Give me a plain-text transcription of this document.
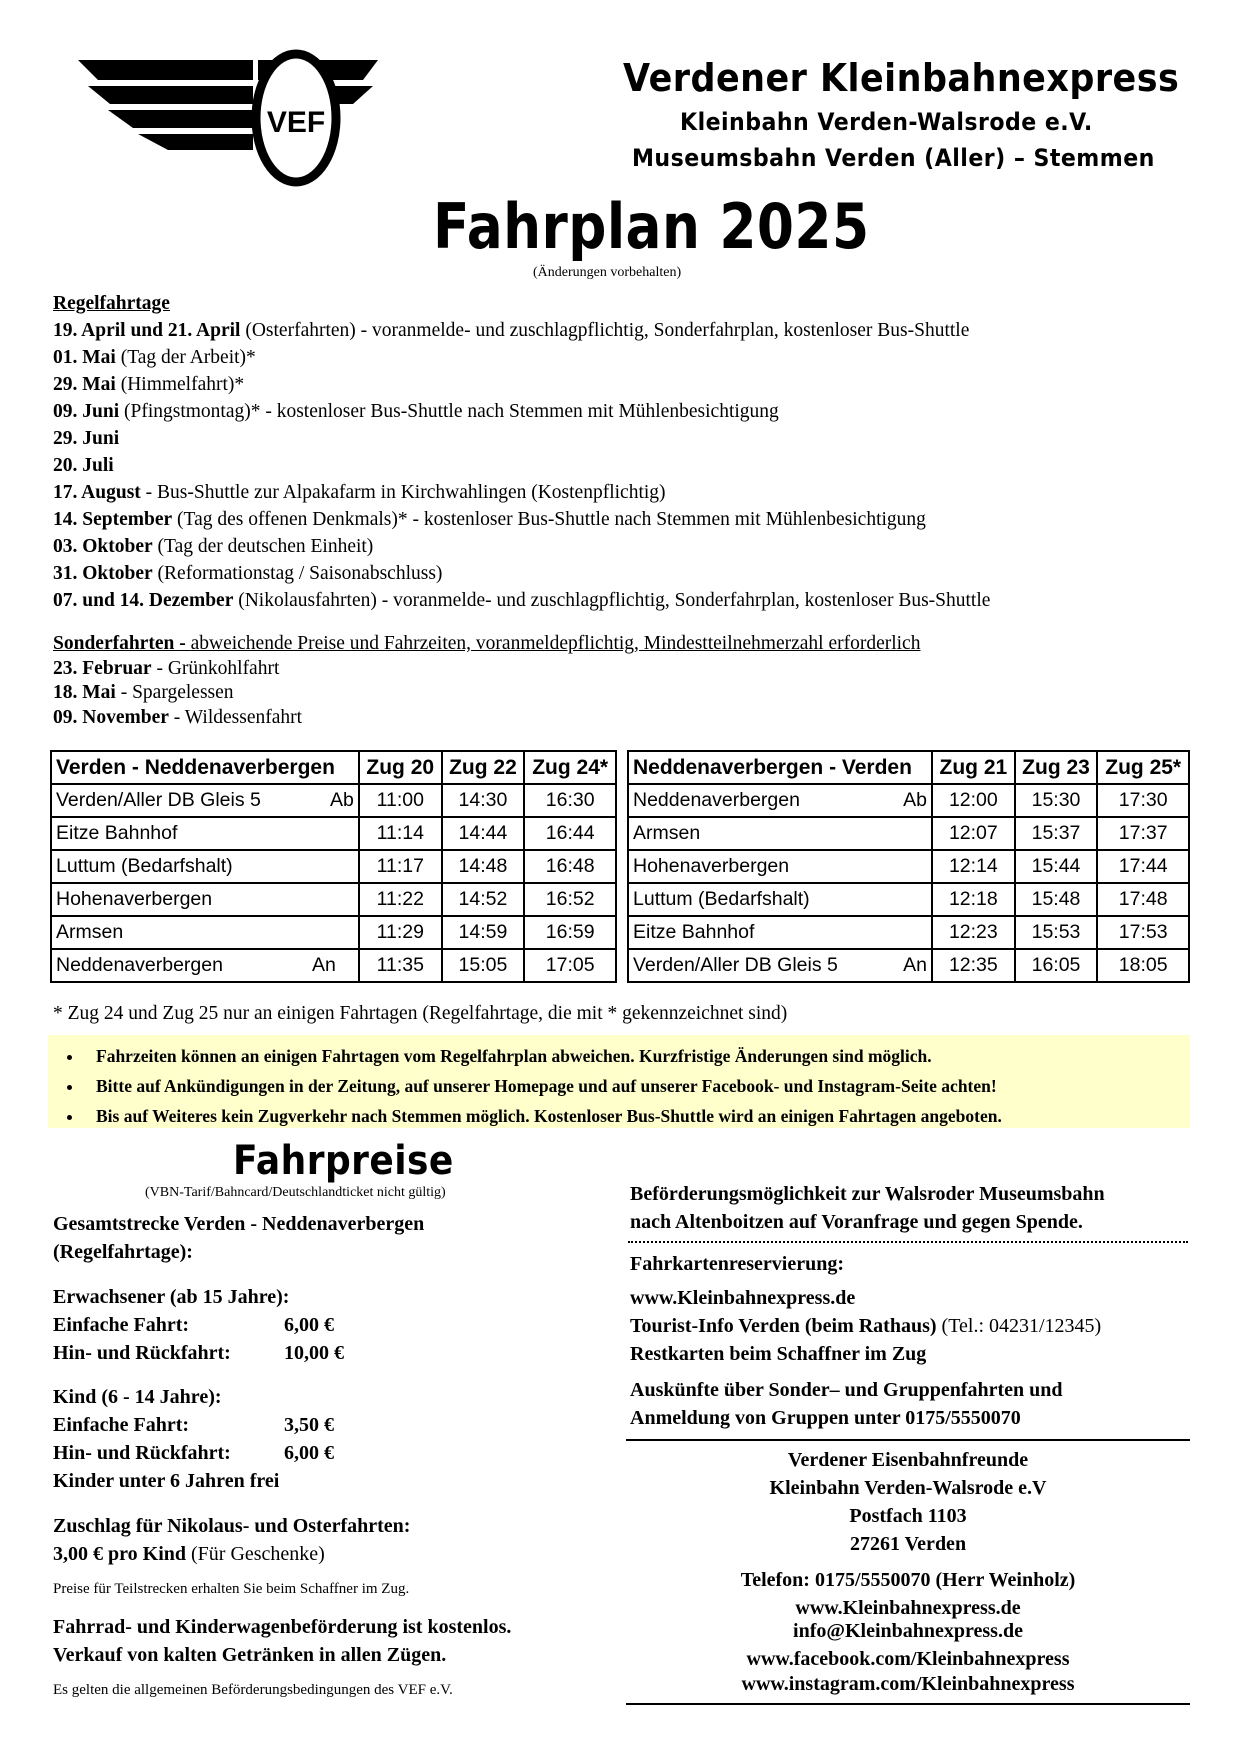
VEF
Verdener Kleinbahnexpress
Kleinbahn Verden-Walsrode e.V.
Museumsbahn Verden (Aller) – Stemmen
Fahrplan 2025
(Änderungen vorbehalten)
Regelfahrtage
19. April und 21. April (Osterfahrten) - voranmelde- und zuschlagpflichtig, Sonderfahrplan, kostenloser Bus-Shuttle
01. Mai (Tag der Arbeit)*
29. Mai (Himmelfahrt)*
09. Juni (Pfingstmontag)* - kostenloser Bus-Shuttle nach Stemmen mit Mühlenbesichtigung
29. Juni
20. Juli
17. August - Bus-Shuttle zur Alpakafarm in Kirchwahlingen (Kostenpflichtig)
14. September (Tag des offenen Denkmals)* - kostenloser Bus-Shuttle nach Stemmen mit Mühlenbesichtigung
03. Oktober (Tag der deutschen Einheit)
31. Oktober (Reformationstag / Saisonabschluss)
07. und 14. Dezember (Nikolausfahrten) - voranmelde- und zuschlagpflichtig, Sonderfahrplan, kostenloser Bus-Shuttle
Sonderfahrten - abweichende Preise und Fahrzeiten, voranmeldepflichtig, Mindestteilnehmerzahl erforderlich
23. Februar - Grünkohlfahrt
18. Mai - Spargelessen
09. November - Wildessenfahrt
Verden - Neddenaverbergen	Zug 20	Zug 22	Zug 24*

Verden/Aller DB Gleis 5 Ab	11:00	14:30	16:30

Eitze Bahnhof	11:14	14:44	16:44

Luttum (Bedarfshalt)	11:17	14:48	16:48

Hohenaverbergen	11:22	14:52	16:52

Armsen	11:29	14:59	16:59

Neddenaverbergen An	11:35	15:05	17:05
Neddenaverbergen - Verden	Zug 21	Zug 23	Zug 25*

Neddenaverbergen Ab	12:00	15:30	17:30

Armsen	12:07	15:37	17:37

Hohenaverbergen	12:14	15:44	17:44

Luttum (Bedarfshalt)	12:18	15:48	17:48

Eitze Bahnhof	12:23	15:53	17:53

Verden/Aller DB Gleis 5 An	12:35	16:05	18:05
* Zug 24 und Zug 25 nur an einigen Fahrtagen (Regelfahrtage, die mit * gekennzeichnet sind)
• Fahrzeiten können an einigen Fahrtagen vom Regelfahrplan abweichen. Kurzfristige Änderungen sind möglich.
• Bitte auf Ankündigungen in der Zeitung, auf unserer Homepage und auf unserer Facebook- und Instagram-Seite achten!
• Bis auf Weiteres kein Zugverkehr nach Stemmen möglich. Kostenloser Bus-Shuttle wird an einigen Fahrtagen angeboten.
Fahrpreise
(VBN-Tarif/Bahncard/Deutschlandticket nicht gültig)
Gesamtstrecke Verden - Neddenaverbergen
(Regelfahrtage):
Erwachsener (ab 15 Jahre):
Einfache Fahrt:	6,00 €
Hin- und Rückfahrt:	10,00 €
Kind (6 - 14 Jahre):
Einfache Fahrt:	3,50 €
Hin- und Rückfahrt:	6,00 €
Kinder unter 6 Jahren frei
Zuschlag für Nikolaus- und Osterfahrten:
3,00 € pro Kind (Für Geschenke)
Preise für Teilstrecken erhalten Sie beim Schaffner im Zug.
Fahrrad- und Kinderwagenbeförderung ist kostenlos.
Verkauf von kalten Getränken in allen Zügen.
Es gelten die allgemeinen Beförderungsbedingungen des VEF e.V.
Beförderungsmöglichkeit zur Walsroder Museumsbahn
nach Altenboitzen auf Voranfrage und gegen Spende.
Fahrkartenreservierung:
www.Kleinbahnexpress.de
Tourist-Info Verden (beim Rathaus) (Tel.: 04231/12345)
Restkarten beim Schaffner im Zug
Auskünfte über Sonder– und Gruppenfahrten und
Anmeldung von Gruppen unter 0175/5550070
Verdener Eisenbahnfreunde
Kleinbahn Verden-Walsrode e.V
Postfach 1103
27261 Verden
Telefon: 0175/5550070 (Herr Weinholz)
www.Kleinbahnexpress.de
info@Kleinbahnexpress.de
www.facebook.com/Kleinbahnexpress
www.instagram.com/Kleinbahnexpress
